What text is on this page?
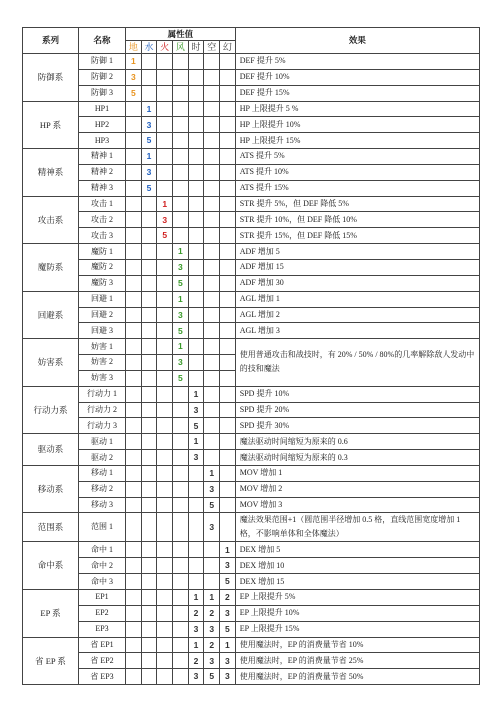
系列	名称	属性值							效果
		地	水	火	风	时	空	幻	
防御系	防御 1	1							DEF 提升 5%
	防御 2	3							DEF 提升 10%
	防御 3	5							DEF 提升 15%
HP 系	HP1		1						HP 上限提升 5 %
	HP2		3						HP 上限提升 10%
	HP3		5						HP 上限提升 15%
精神系	精神 1		1						ATS 提升 5%
	精神 2		3						ATS 提升 10%
	精神 3		5						ATS 提升 15%
攻击系	攻击 1			1					STR 提升 5%，但 DEF 降低 5%
	攻击 2			3					STR 提升 10%，但 DEF 降低 10%
	攻击 3			5					STR 提升 15%，但 DEF 降低 15%
魔防系	魔防 1				1				ADF 增加 5
	魔防 2				3				ADF 增加 15
	魔防 3				5				ADF 增加 30
回避系	回避 1				1				AGL 增加 1
	回避 2				3				AGL 增加 2
	回避 3				5				AGL 增加 3
妨害系	妨害 1				1				使用普通攻击和战技时，有 20% / 50% / 80%的几率解除敌人发动中的技和魔法
	妨害 2				3				
	妨害 3				5				
行动力系	行动力 1					1			SPD 提升 10%
	行动力 2					3			SPD 提升 20%
	行动力 3					5			SPD 提升 30%
驱动系	驱动 1					1			魔法驱动时间缩短为原来的 0.6
	驱动 2					3			魔法驱动时间缩短为原来的 0.3
移动系	移动 1						1		MOV 增加 1
	移动 2						3		MOV 增加 2
	移动 3						5		MOV 增加 3
范围系	范围 1						3		魔法效果范围+1（圆范围半径增加 0.5 格，直线范围宽度增加 1 格，不影响单体和全体魔法）
命中系	命中 1							1	DEX 增加 5
	命中 2							3	DEX 增加 10
	命中 3							5	DEX 增加 15
EP 系	EP1					1	1	2	EP 上限提升 5%
	EP2					2	2	3	EP 上限提升 10%
	EP3					3	3	5	EP 上限提升 15%
省 EP 系	省 EP1					1	2	1	使用魔法时，EP 的消费量节省 10%
	省 EP2					2	3	3	使用魔法时，EP 的消费量节省 25%
	省 EP3					3	5	3	使用魔法时，EP 的消费量节省 50%
